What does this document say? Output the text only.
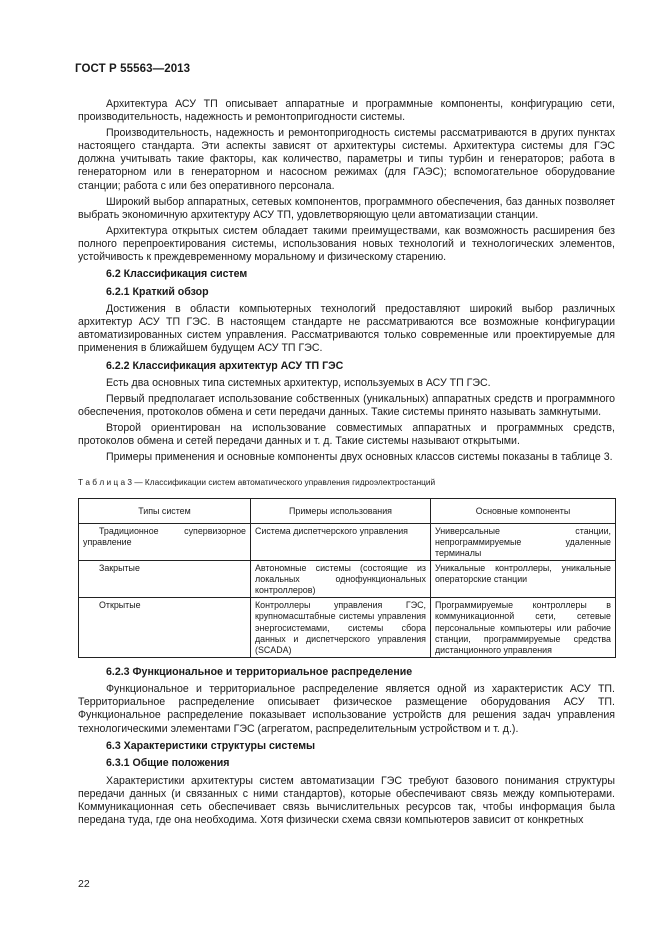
ГОСТ Р 55563—2013

Архитектура АСУ ТП описывает аппаратные и программные компоненты, конфигурацию сети, производительность, надежность и ремонтопригодности системы.

Производительность, надежность и ремонтопригодность системы рассматриваются в других пунктах настоящего стандарта. Эти аспекты зависят от архитектуры системы. Архитектура системы для ГЭС должна учитывать такие факторы, как количество, параметры и типы турбин и генераторов; работа в генераторном или в генераторном и насосном режимах (для ГАЭС); вспомогательное оборудование станции; работа с или без оперативного персонала.

Широкий выбор аппаратных, сетевых компонентов, программного обеспечения, баз данных позволяет выбрать экономичную архитектуру АСУ ТП, удовлетворяющую цели автоматизации станции.

Архитектура открытых систем обладает такими преимуществами, как возможность расширения без полного перепроектирования системы, использования новых технологий и технологических элементов, устойчивость к преждевременному моральному и физическому старению.

6.2 Классификация систем
6.2.1 Краткий обзор

Достижения в области компьютерных технологий предоставляют широкий выбор различных архитектур АСУ ТП ГЭС. В настоящем стандарте не рассматриваются все возможные конфигурации автоматизированных систем управления. Рассматриваются только современные или проектируемые для применения в ближайшем будущем АСУ ТП ГЭС.

6.2.2 Классификация архитектур АСУ ТП ГЭС

Есть два основных типа системных архитектур, используемых в АСУ ТП ГЭС.

Первый предполагает использование собственных (уникальных) аппаратных средств и программного обеспечения, протоколов обмена и сети передачи данных. Такие системы принято называть замкнутыми.

Второй ориентирован на использование совместимых аппаратных и программных средств, протоколов обмена и сетей передачи данных и т. д. Такие системы называют открытыми.

Примеры применения и основные компоненты двух основных классов системы показаны в таблице 3.

Т а б л и ц а 3 — Классификации систем автоматического управления гидроэлектростанций
Типы систем	Примеры использования	Основные компоненты
Традиционное супервизорное управление	Система диспетчерского управления	Универсальные станции, непрограммируемые удаленные терминалы
Закрытые	Автономные системы (состоящие из локальных однофункциональных контроллеров)	Уникальные контроллеры, уникальные операторские станции
Открытые	Контроллеры управления ГЭС, крупномасштабные системы управления энергосистемами, системы сбора данных и диспетчерского управления (SCADA)	Программируемые контроллеры в коммуникационной сети, сетевые персональные компьютеры или рабочие станции, программируемые средства дистанционного управления
6.2.3 Функциональное и территориальное распределение

Функциональное и территориальное распределение является одной из характеристик АСУ ТП. Территориальное распределение описывает физическое размещение оборудования АСУ ТП. Функциональное распределение показывает использование устройств для решения задач управления технологическими элементами ГЭС (агрегатом, распределительным устройством и т. д.).

6.3 Характеристики структуры системы
6.3.1 Общие положения

Характеристики архитектуры систем автоматизации ГЭС требуют базового понимания структуры передачи данных (и связанных с ними стандартов), которые обеспечивают связь между компьютерами. Коммуникационная сеть обеспечивает связь вычислительных ресурсов так, чтобы информация была передана туда, где она необходима. Хотя физически схема связи компьютеров зависит от конкретных

22
